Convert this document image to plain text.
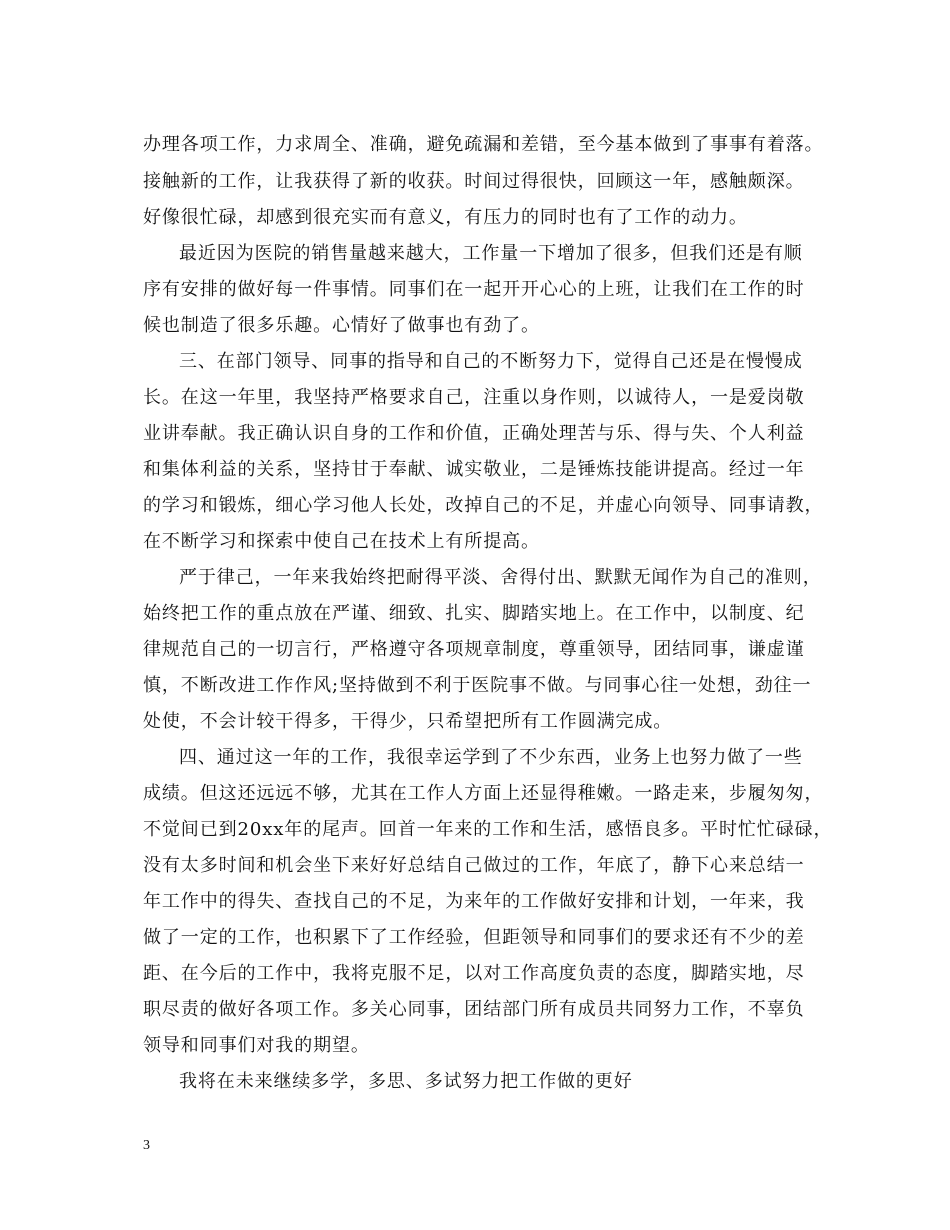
办理各项工作，力求周全、准确，避免疏漏和差错，至今基本做到了事事有着落。
接触新的工作，让我获得了新的收获。时间过得很快，回顾这一年，感触颇深。
好像很忙碌，却感到很充实而有意义，有压力的同时也有了工作的动力。
最近因为医院的销售量越来越大，工作量一下增加了很多，但我们还是有顺
序有安排的做好每一件事情。同事们在一起开开心心的上班，让我们在工作的时
候也制造了很多乐趣。心情好了做事也有劲了。
三、在部门领导、同事的指导和自己的不断努力下，觉得自己还是在慢慢成
长。在这一年里，我坚持严格要求自己，注重以身作则，以诚待人，一是爱岗敬
业讲奉献。我正确认识自身的工作和价值，正确处理苦与乐、得与失、个人利益
和集体利益的关系，坚持甘于奉献、诚实敬业，二是锤炼技能讲提高。经过一年
的学习和锻炼，细心学习他人长处，改掉自己的不足，并虚心向领导、同事请教，
在不断学习和探索中使自己在技术上有所提高。
严于律己，一年来我始终把耐得平淡、舍得付出、默默无闻作为自己的准则，
始终把工作的重点放在严谨、细致、扎实、脚踏实地上。在工作中，以制度、纪
律规范自己的一切言行，严格遵守各项规章制度，尊重领导，团结同事，谦虚谨
慎，不断改进工作作风;坚持做到不利于医院事不做。与同事心往一处想，劲往一
处使，不会计较干得多，干得少，只希望把所有工作圆满完成。
四、通过这一年的工作，我很幸运学到了不少东西，业务上也努力做了一些
成绩。但这还远远不够，尤其在工作人方面上还显得稚嫩。一路走来，步履匆匆，
不觉间已到20xx年的尾声。回首一年来的工作和生活，感悟良多。平时忙忙碌碌，
没有太多时间和机会坐下来好好总结自己做过的工作，年底了，静下心来总结一
年工作中的得失、查找自己的不足，为来年的工作做好安排和计划，一年来，我
做了一定的工作，也积累下了工作经验，但距领导和同事们的要求还有不少的差
距、在今后的工作中，我将克服不足，以对工作高度负责的态度，脚踏实地，尽
职尽责的做好各项工作。多关心同事，团结部门所有成员共同努力工作，不辜负
领导和同事们对我的期望。
我将在未来继续多学，多思、多试努力把工作做的更好
3
